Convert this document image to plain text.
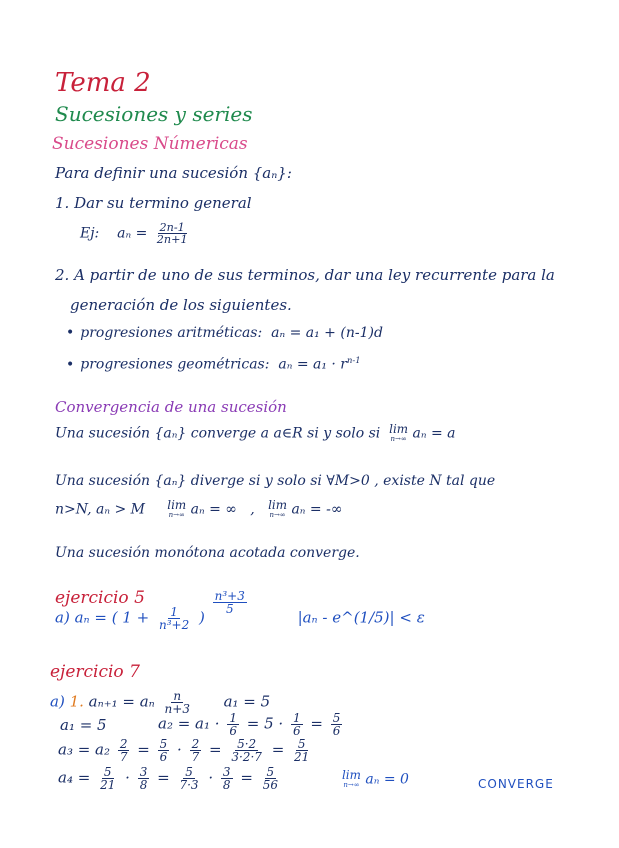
Tema 2
Sucesiones y series
Sucesiones Númericas
Para definir una sucesión {aₙ}:
1. Dar su termino general
Ej: $a_n = \frac{2n-1}{2n+1}$
2. A partir de uno de sus terminos, dar una ley recurrente para la
generación de los siguientes.
• progresiones aritméticas: aₙ = a₁ + (n-1)d
• progresiones geométricas: $a_n = a_1 \cdot r^{n-1}$
Convergencia de una sucesión
Una sucesión {aₙ} converge a a∈R si y solo si lim
n→∞ aₙ = a
Una sucesión {aₙ} diverge si y solo si ∀M>0 , existe N tal que
n>N, aₙ > M lim
n→∞ aₙ = ∞ , lim
n→∞ aₙ = -∞
Una sucesión monótona acotada converge.
ejercicio 5
a) aₙ = ( $1 + \frac{1}{\text{n³+2}}$ )
$\frac{\text{n³+3}}{5}$
|aₙ - e^(1/5)| < ε
ejercicio 7
a) 1. aₙ₊₁ = aₙ $\frac{n}{n+3} a_1 = 5$
a₁ = 5	$a_2 = a_1 \cdot \frac{1}{6} = 5 \cdot \frac{1}{6} = \frac{5}{6}$
$a_3 = a_2 \frac{2}{7} = \frac{5}{6} \cdot \frac{2}{7} = \frac{5\cdot 2}{3\cdot 2\cdot 7} = \frac{5}{21}$
$a_4 = \frac{5}{21} \cdot \frac{3}{8} = \frac{5}{7\cdot 3} \cdot \frac{3}{8} = \frac{5}{56}$	lim
n→∞ aₙ = 0	CONVERGE
